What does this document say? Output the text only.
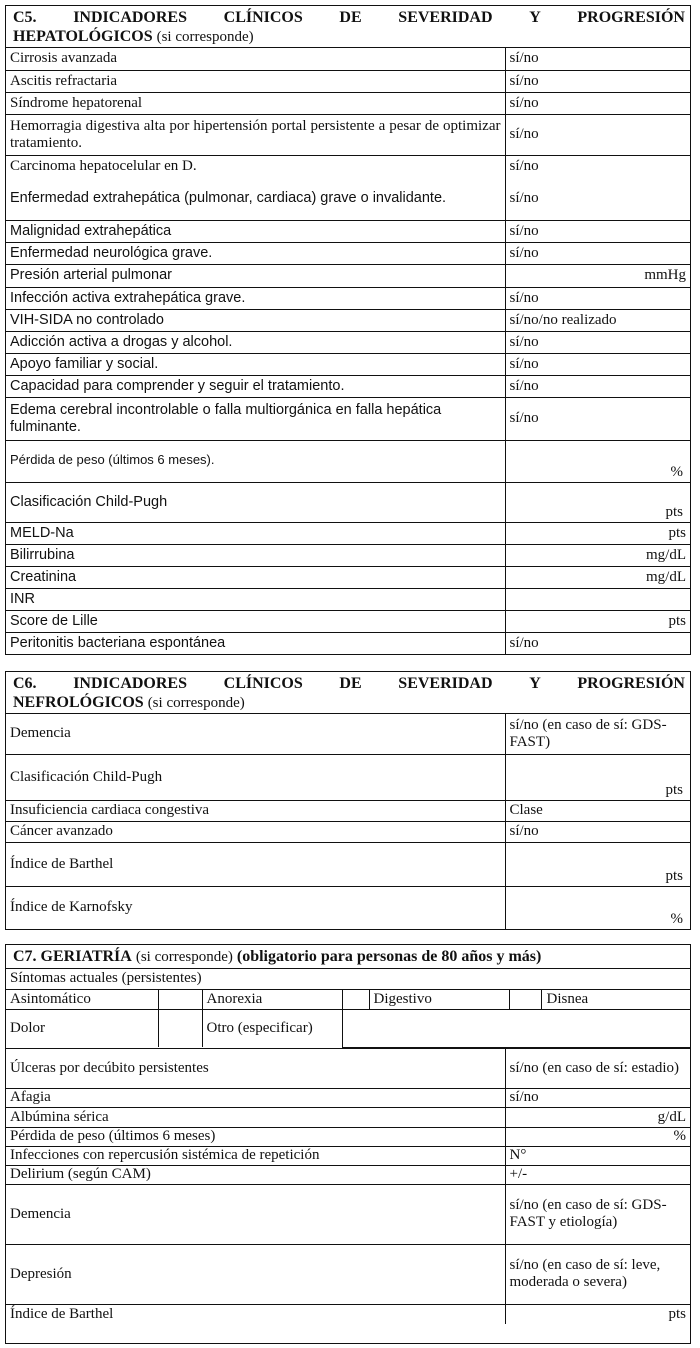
C5. INDICADORES CLÍNICOS DE SEVERIDAD Y PROGRESIÓN
HEPATOLÓGICOS (si corresponde)
Cirrosis avanzada	sí/no
Ascitis refractaria	sí/no
Síndrome hepatorenal	sí/no
Hemorragia digestiva alta por hipertensión portal persistente a pesar de optimizar tratamiento.	sí/no
Carcinoma hepatocelular en D.	sí/no
Enfermedad extrahepática (pulmonar, cardiaca) grave o invalidante.	sí/no
Malignidad extrahepática	sí/no
Enfermedad neurológica grave.	sí/no
Presión arterial pulmonar	mmHg

Infección activa extrahepática grave.	sí/no
VIH-SIDA no controlado	sí/no/no realizado
Adicción activa a drogas y alcohol.	sí/no
Apoyo familiar y social.	sí/no
Capacidad para comprender y seguir el tratamiento.	sí/no
Edema cerebral incontrolable o falla multiorgánica en falla hepática fulminante.	sí/no
Pérdida de peso (últimos 6 meses).	%

Clasificación Child-Pugh	pts

MELD-Na	pts

Bilirrubina	mg/dL

Creatinina	mg/dL

INR	

Score de Lille	pts

Peritonitis bacteriana espontánea	sí/no
C6. INDICADORES CLÍNICOS DE SEVERIDAD Y PROGRESIÓN
NEFROLÓGICOS (si corresponde)
Demencia	sí/no (en caso de sí: GDS- FAST)
Clasificación Child-Pugh	pts

Insuficiencia cardiaca congestiva	Clase
Cáncer avanzado	sí/no
Índice de Barthel	pts

Índice de Karnofsky	%
C7. GERIATRÍA (si corresponde) (obligatorio para personas de 80 años y más)
Síntomas actuales (persistentes)						
Asintomático		Anorexia		Digestivo		Disnea
Dolor		Otro (especificar)				
Úlceras por decúbito persistentes	sí/no (en caso de sí: estadio)
Afagia	sí/no
Albúmina sérica	g/dL

Pérdida de peso (últimos 6 meses)	%

Infecciones con repercusión sistémica de repetición	N°
Delirium (según CAM)	+/-
Demencia	sí/no (en caso de sí: GDS- FAST y etiología)
Depresión	sí/no (en caso de sí: leve, moderada o severa)
Índice de Barthel	pts
